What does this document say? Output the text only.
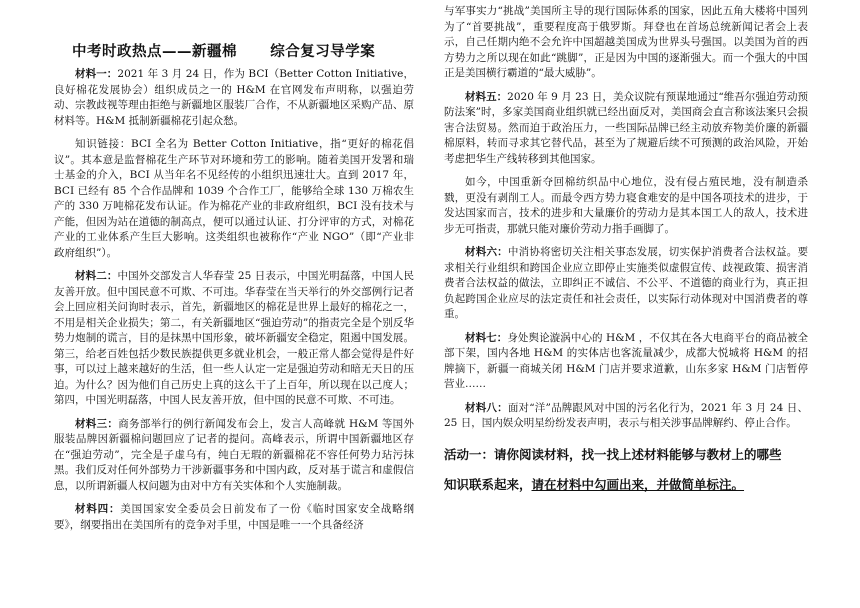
中考时政热点——新疆棉      综合复习导学案

材料一：2021 年 3 月 24 日，作为 BCI（Better Cotton Initiative，良好棉花发展协会）组织成员之一的 H&M 在官网发布声明称，以强迫劳动、宗教歧视等理由拒绝与新疆地区服装厂合作，不从新疆地区采购产品、原材料等。H&M 抵制新疆棉花引起众愁。

知识链接：BCI 全名为 Better Cotton Initiative，指“更好的棉花倡议”。其本意是监督棉花生产环节对环境和劳工的影响。随着美国开发署和瑞士基金的介入，BCI 从当年名不见经传的小组织迅速壮大。直到 2017 年，BCI 已经有 85 个合作品牌和 1039 个合作工厂，能够给全球 130 万棉农生产的 330 万吨棉花发布认证。作为棉花产业的非政府组织，BCI 没有技术与产能，但因为站在道德的制高点，便可以通过认证、打分评审的方式，对棉花产业的工业体系产生巨大影响。这类组织也被称作“产业 NGO”（即“产业非政府组织”）。

材料二：中国外交部发言人华春莹 25 日表示，中国光明磊落，中国人民友善开放。但中国民意不可欺、不可违。华春莹在当天举行的外交部例行记者会上回应相关问询时表示，首先，新疆地区的棉花是世界上最好的棉花之一，不用是相关企业损失；第二，有关新疆地区“强迫劳动”的指责完全是个别反华势力炮制的谎言，目的是抹黑中国形象，破坏新疆安全稳定，阻遏中国发展。第三，给老百姓包括少数民族提供更多就业机会，一般正常人都会觉得是件好事，可以过上越来越好的生活，但一些人认定一定是强迫劳动和暗无天日的压迫。为什么？因为他们自己历史上真的这么干了上百年，所以现在以己度人；第四，中国光明磊落，中国人民友善开放，但中国的民意不可欺、不可违。

材料三：商务部举行的例行新闻发布会上，发言人高峰就 H&M 等国外服装品牌因新疆棉问题回应了记者的提问。高峰表示，所谓中国新疆地区存在“强迫劳动”，完全是子虚乌有，纯白无瑕的新疆棉花不容任何势力玷污抹黑。我们反对任何外部势力干涉新疆事务和中国内政，反对基于谎言和虚假信息，以所谓新疆人权问题为由对中方有关实体和个人实施制裁。

材料四：美国国家安全委员会日前发布了一份《临时国家安全战略纲要》，纲要指出在美国所有的竞争对手里，中国是唯一一个具备经济

与军事实力“挑战”美国所主导的现行国际体系的国家，因此五角大楼将中国列为了“首要挑战”，重要程度高于俄罗斯。拜登也在首场总统新闻记者会上表示，自己任期内绝不会允许中国超越美国成为世界头号强国。以美国为首的西方势力之所以现在如此“跳脚”，正是因为中国的逐渐强大。而一个强大的中国正是美国横行霸道的“最大威胁”。

材料五：2020 年 9 月 23 日，美众议院有预谋地通过“维吾尔强迫劳动预防法案”时，多家美国商业组织就已经出面反对，美国商会直言称该法案只会损害合法贸易。然而迫于政治压力，一些国际品牌已经主动放弃物美价廉的新疆棉原料，转而寻求其它替代品，甚至为了规避后续不可预测的政治风险，开始考虑把华生产线转移到其他国家。

如今，中国重新夺回棉纺织品中心地位，没有侵占殖民地，没有制造杀戮，更没有剥削工人。而最令西方势力寝食难安的是中国各项技术的进步，于发达国家而言，技术的进步和大量廉价的劳动力是其本国工人的敌人，技术进步无可指责，那就只能对廉价劳动力指手画脚了。

材料六：中消协将密切关注相关事态发展，切实保护消费者合法权益。要求相关行业组织和跨国企业应立即停止实施类似虚假宣传、歧视政策、损害消费者合法权益的做法，立即纠正不诚信、不公平、不道德的商业行为，真正担负起跨国企业应尽的法定责任和社会责任，以实际行动体现对中国消费者的尊重。

材料七：身处舆论漩涡中心的 H&M ，不仅其在各大电商平台的商品被全部下架，国内各地 H&M 的实体店也客流量减少，成都大悦城将 H&M 的招牌摘下，新疆一商城关闭 H&M 门店并要求道歉，山东多家 H&M 门店暂停营业……

材料八：面对“洋”品牌跟风对中国的污名化行为，2021 年 3 月 24 日、25 日，国内娱众明星纷纷发表声明，表示与相关涉事品牌解约、停止合作。

活动一：请你阅读材料，找一找上述材料能够与教材上的哪些
知识联系起来，请在材料中勾画出来，并做简单标注。
